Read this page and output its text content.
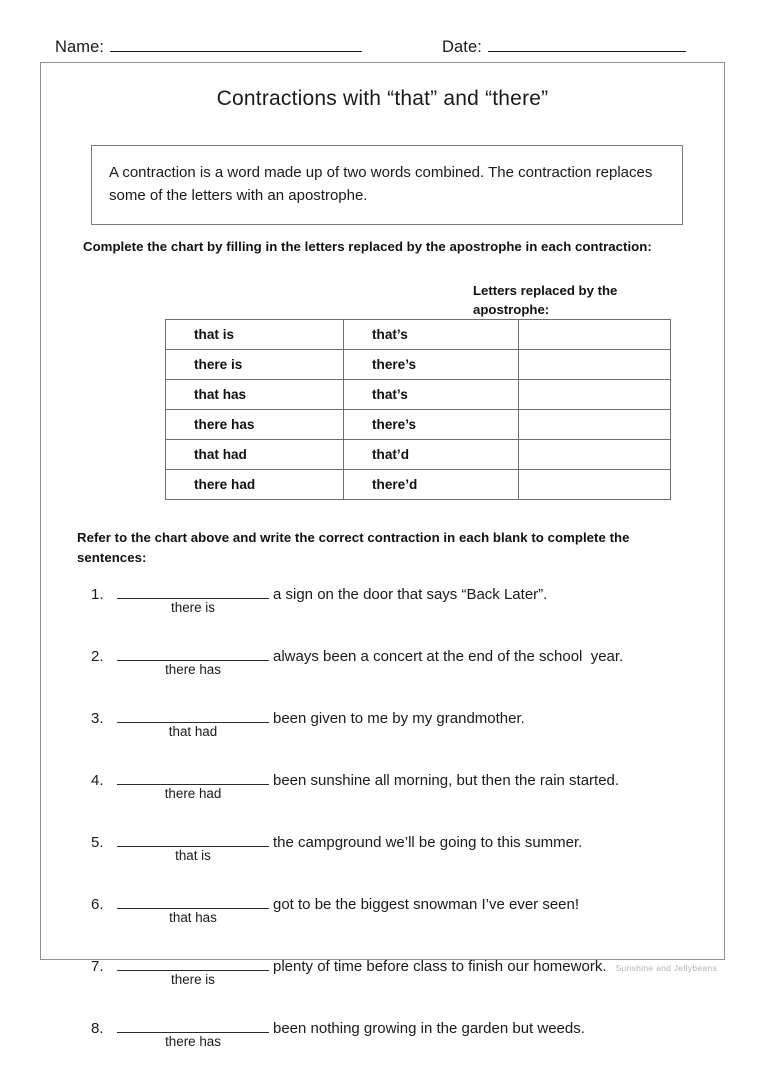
Name:	Date:
Contractions with “that” and “there”
A contraction is a word made up of two words combined. The contraction replaces some of the letters with an apostrophe.
Complete the chart by filling in the letters replaced by the apostrophe in each contraction:
Letters replaced by the apostrophe:
that is	that’s	
there is	there’s	
that has	that’s	
there has	there’s	
that had	that’d	
there had	there’d	
Refer to the chart above and write the correct contraction in each blank to complete the sentences:
1.
there is
a sign on the door that says “Back Later”.
2.
there has
always been a concert at the end of the school  year.
3.
that had
been given to me by my grandmother.
4.
there had
been sunshine all morning, but then the rain started.
5.
that is
the campground we’ll be going to this summer.
6.
that has
got to be the biggest snowman I’ve ever seen!
7.
there is
plenty of time before class to finish our homework.
8.
there has
been nothing growing in the garden but weeds.
Sunshine and Jellybeans
